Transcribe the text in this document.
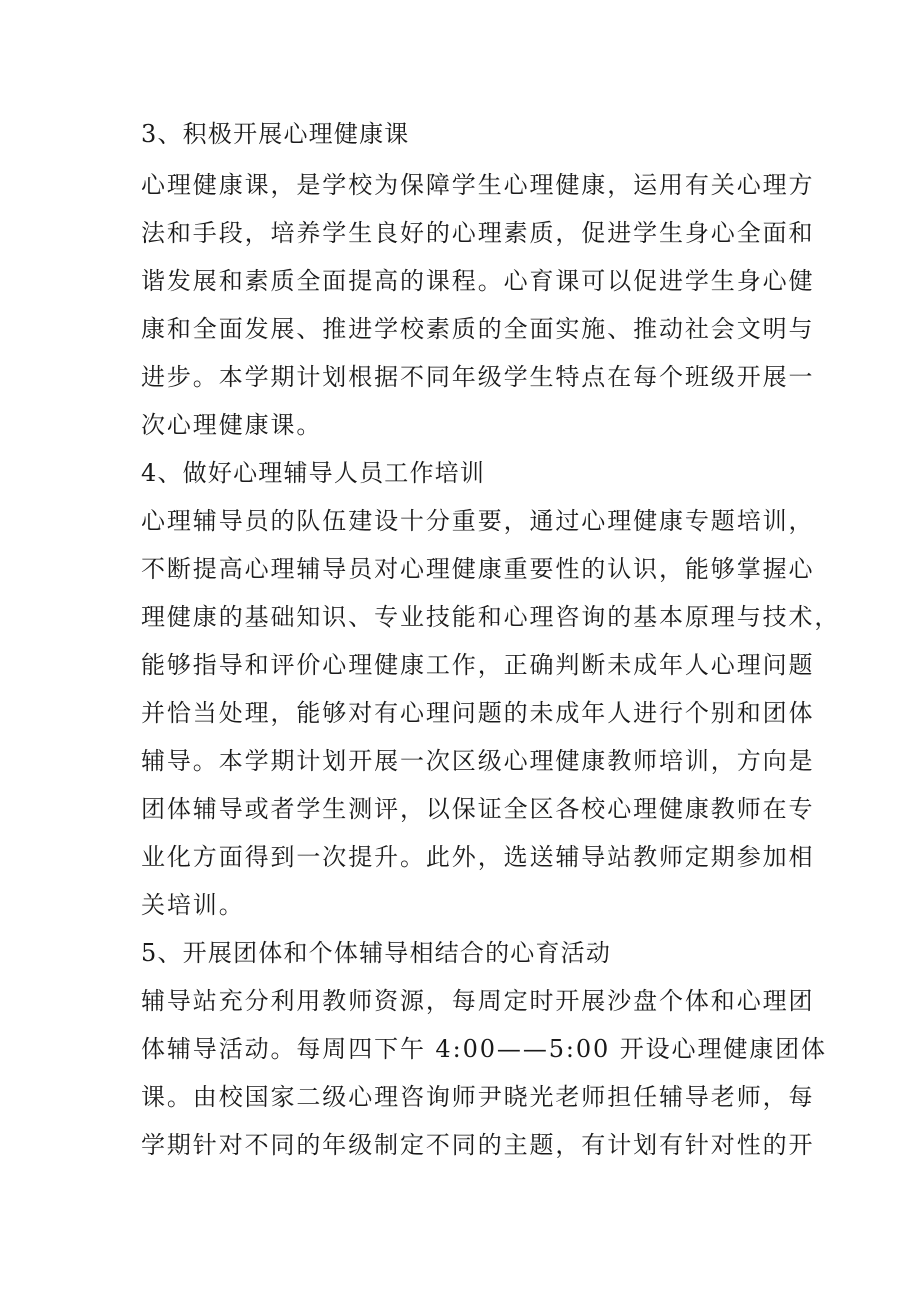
3、积极开展心理健康课
心理健康课，是学校为保障学生心理健康，运用有关心理方
法和手段，培养学生良好的心理素质，促进学生身心全面和
谐发展和素质全面提高的课程。心育课可以促进学生身心健
康和全面发展、推进学校素质的全面实施、推动社会文明与
进步。本学期计划根据不同年级学生特点在每个班级开展一
次心理健康课。
4、做好心理辅导人员工作培训
心理辅导员的队伍建设十分重要，通过心理健康专题培训，
不断提高心理辅导员对心理健康重要性的认识，能够掌握心
理健康的基础知识、专业技能和心理咨询的基本原理与技术，
能够指导和评价心理健康工作，正确判断未成年人心理问题
并恰当处理，能够对有心理问题的未成年人进行个别和团体
辅导。本学期计划开展一次区级心理健康教师培训，方向是
团体辅导或者学生测评，以保证全区各校心理健康教师在专
业化方面得到一次提升。此外，选送辅导站教师定期参加相
关培训。
5、开展团体和个体辅导相结合的心育活动
辅导站充分利用教师资源，每周定时开展沙盘个体和心理团
体辅导活动。每周四下午 4:00——5:00 开设心理健康团体
课。由校国家二级心理咨询师尹晓光老师担任辅导老师，每
学期针对不同的年级制定不同的主题，有计划有针对性的开
